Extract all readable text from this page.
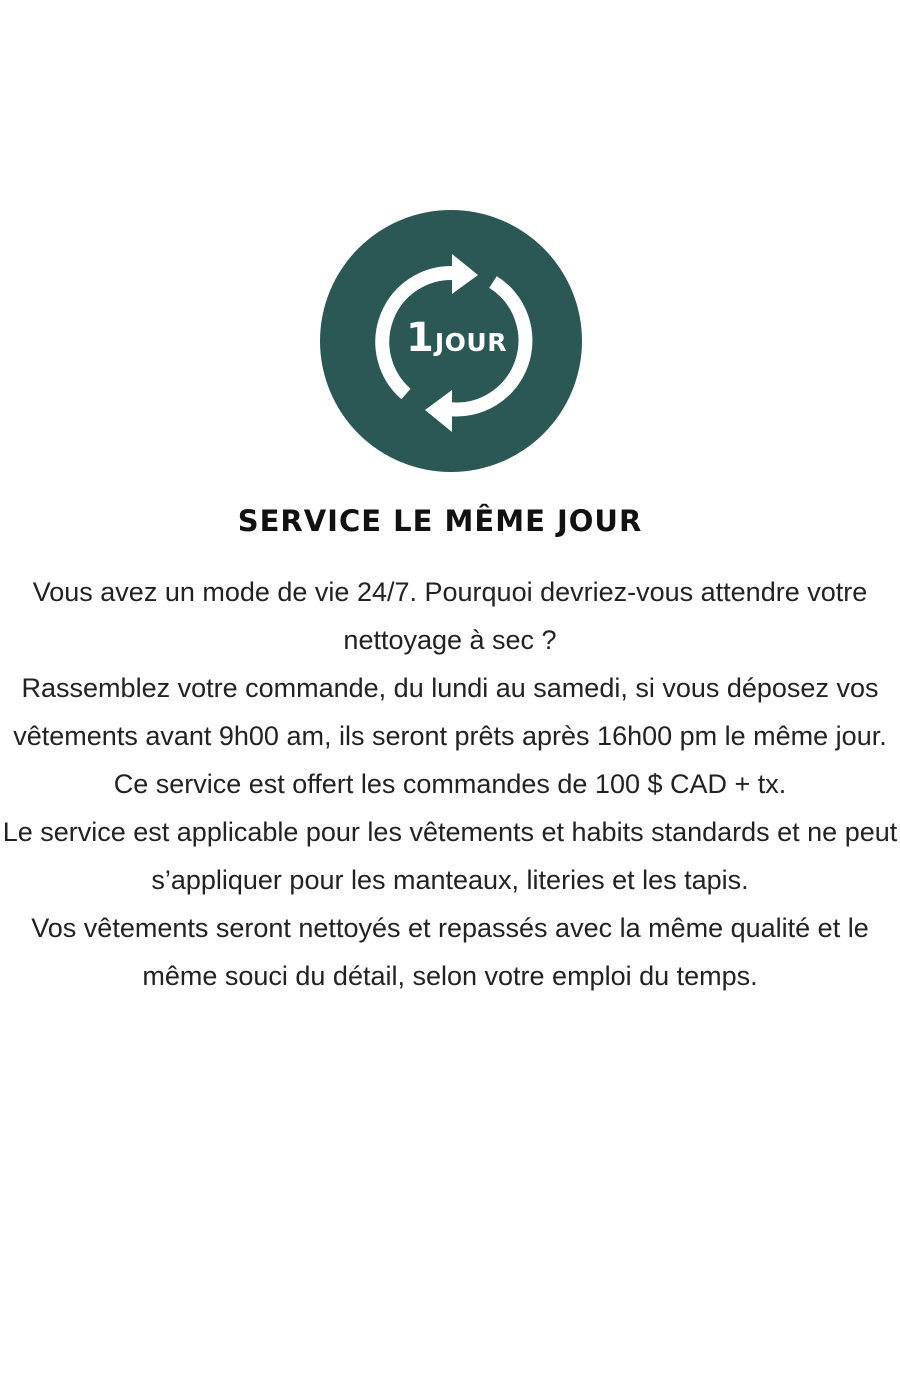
1 JOUR
SERVICE LE MÊME JOUR

Vous avez un mode de vie 24/7. Pourquoi devriez-vous attendre votre nettoyage à sec ?

Rassemblez votre commande, du lundi au samedi, si vous déposez vos vêtements avant 9h00 am, ils seront prêts après 16h00 pm le même jour.

Ce service est offert les commandes de 100 $ CAD + tx.

Le service est applicable pour les vêtements et habits standards et ne peut s’appliquer pour les manteaux, literies et les tapis.

Vos vêtements seront nettoyés et repassés avec la même qualité et le même souci du détail, selon votre emploi du temps.
